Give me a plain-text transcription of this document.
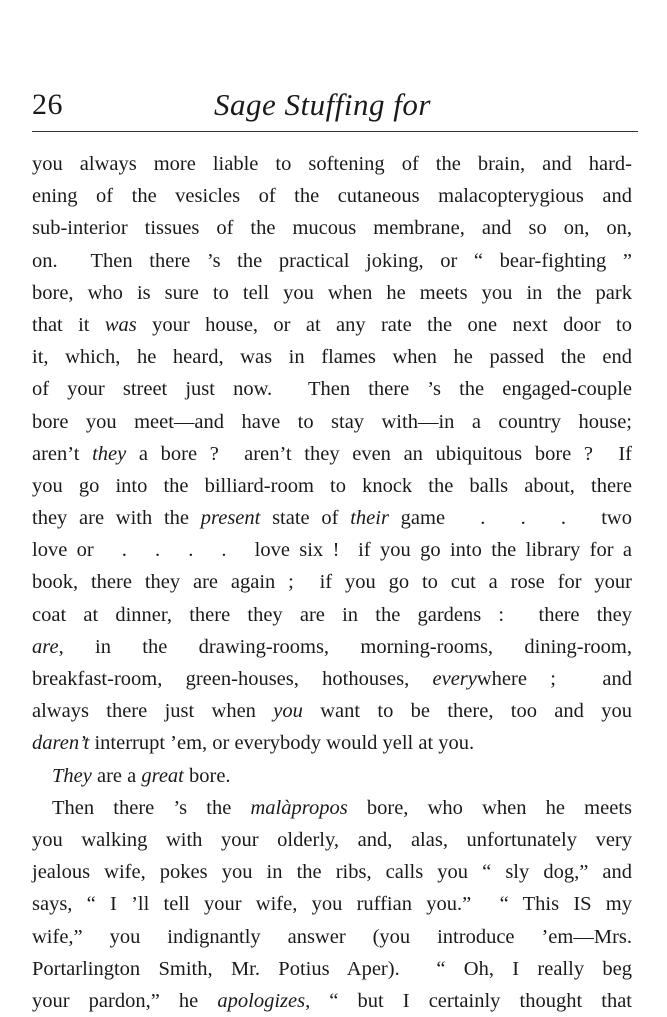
26	Sage Stuffing for
you always more liable to softening of the brain, and hard-
ening of the vesicles of the cutaneous malacopterygious and
sub-interior tissues of the mucous membrane, and so on, on,
on.  Then there ’s the practical joking, or “ bear-fighting ”
bore, who is sure to tell you when he meets you in the park
that it was your house, or at any rate the one next door to
it, which, he heard, was in flames when he passed the end
of your street just now.  Then there ’s the engaged-couple
bore you meet—and have to stay with—in a country house;
aren’t they a bore ?  aren’t they even an ubiquitous bore ?  If
you go into the billiard-room to knock the balls about, there
they are with the present state of their game   .   .   .   two
love or   .   .   .   .   love six !  if you go into the library for a
book, there they are again ;  if you go to cut a rose for your
coat at dinner, there they are in the gardens :  there they
are, in the drawing-rooms, morning-rooms, dining-room,
breakfast-room, green-houses, hothouses, everywhere ;  and
always there just when you want to be there, too and you
daren’t interrupt ’em, or everybody would yell at you.
They are a great bore.
Then there ’s the malàpropos bore, who when he meets
you walking with your olderly, and, alas, unfortunately very
jealous wife, pokes you in the ribs, calls you “ sly dog,” and
says, “ I ’ll tell your wife, you ruffian you.”  “ This IS my
wife,” you indignantly answer (you introduce ’em—Mrs.
Portarlington Smith, Mr. Potius Aper).  “ Oh, I really beg
your pardon,” he apologizes, “ but I certainly thought that
